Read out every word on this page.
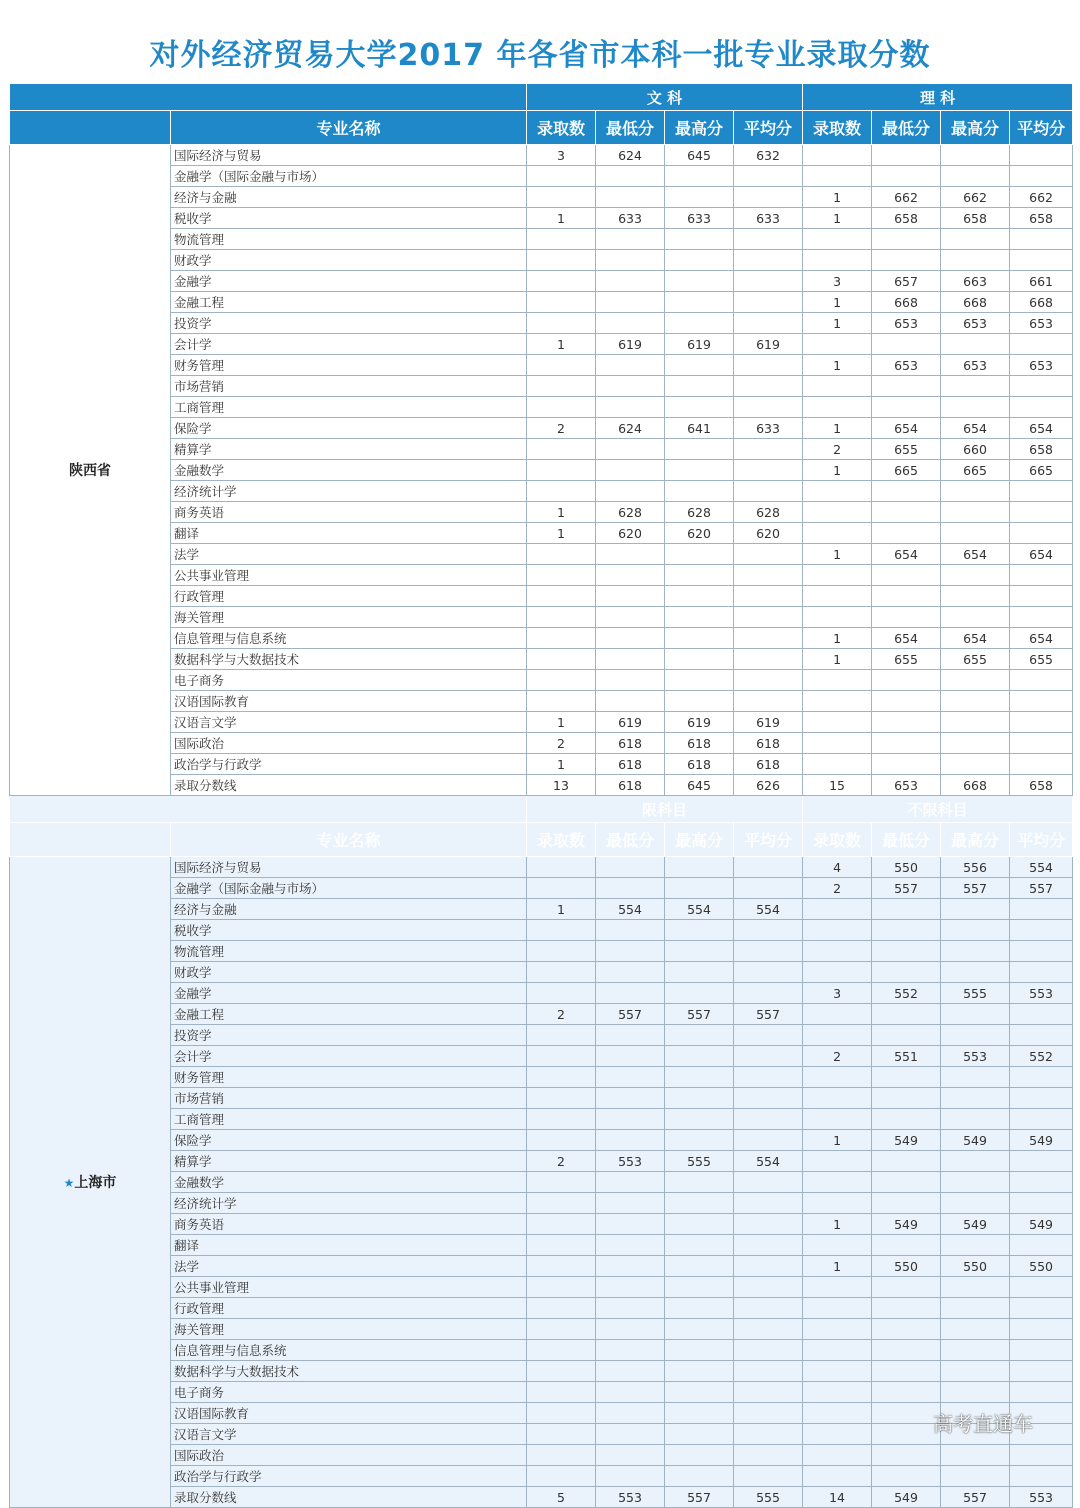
对外经济贸易大学2017 年各省市本科一批专业录取分数
		文 科				理 科			
	专业名称	录取数	最低分	最高分	平均分	录取数	最低分	最高分	平均分
陕西省	国际经济与贸易	3	624	645	632				
	金融学（国际金融与市场）								
	经济与金融					1	662	662	662
	税收学	1	633	633	633	1	658	658	658
	物流管理								
	财政学								
	金融学					3	657	663	661
	金融工程					1	668	668	668
	投资学					1	653	653	653
	会计学	1	619	619	619				
	财务管理					1	653	653	653
	市场营销								
	工商管理								
	保险学	2	624	641	633	1	654	654	654
	精算学					2	655	660	658
	金融数学					1	665	665	665
	经济统计学								
	商务英语	1	628	628	628				
	翻译	1	620	620	620				
	法学					1	654	654	654
	公共事业管理								
	行政管理								
	海关管理								
	信息管理与信息系统					1	654	654	654
	数据科学与大数据技术					1	655	655	655
	电子商务								
	汉语国际教育								
	汉语言文学	1	619	619	619				
	国际政治	2	618	618	618				
	政治学与行政学	1	618	618	618				
	录取分数线	13	618	645	626	15	653	668	658
		限科目				不限科目			
	专业名称	录取数	最低分	最高分	平均分	录取数	最低分	最高分	平均分
★上海市	国际经济与贸易					4	550	556	554
	金融学（国际金融与市场）					2	557	557	557
	经济与金融	1	554	554	554				
	税收学								
	物流管理								
	财政学								
	金融学					3	552	555	553
	金融工程	2	557	557	557				
	投资学								
	会计学					2	551	553	552
	财务管理								
	市场营销								
	工商管理								
	保险学					1	549	549	549
	精算学	2	553	555	554				
	金融数学								
	经济统计学								
	商务英语					1	549	549	549
	翻译								
	法学					1	550	550	550
	公共事业管理								
	行政管理								
	海关管理								
	信息管理与信息系统								
	数据科学与大数据技术								
	电子商务								
	汉语国际教育								
	汉语言文学								
	国际政治								
	政治学与行政学								
	录取分数线	5	553	557	555	14	549	557	553
高考直通车
